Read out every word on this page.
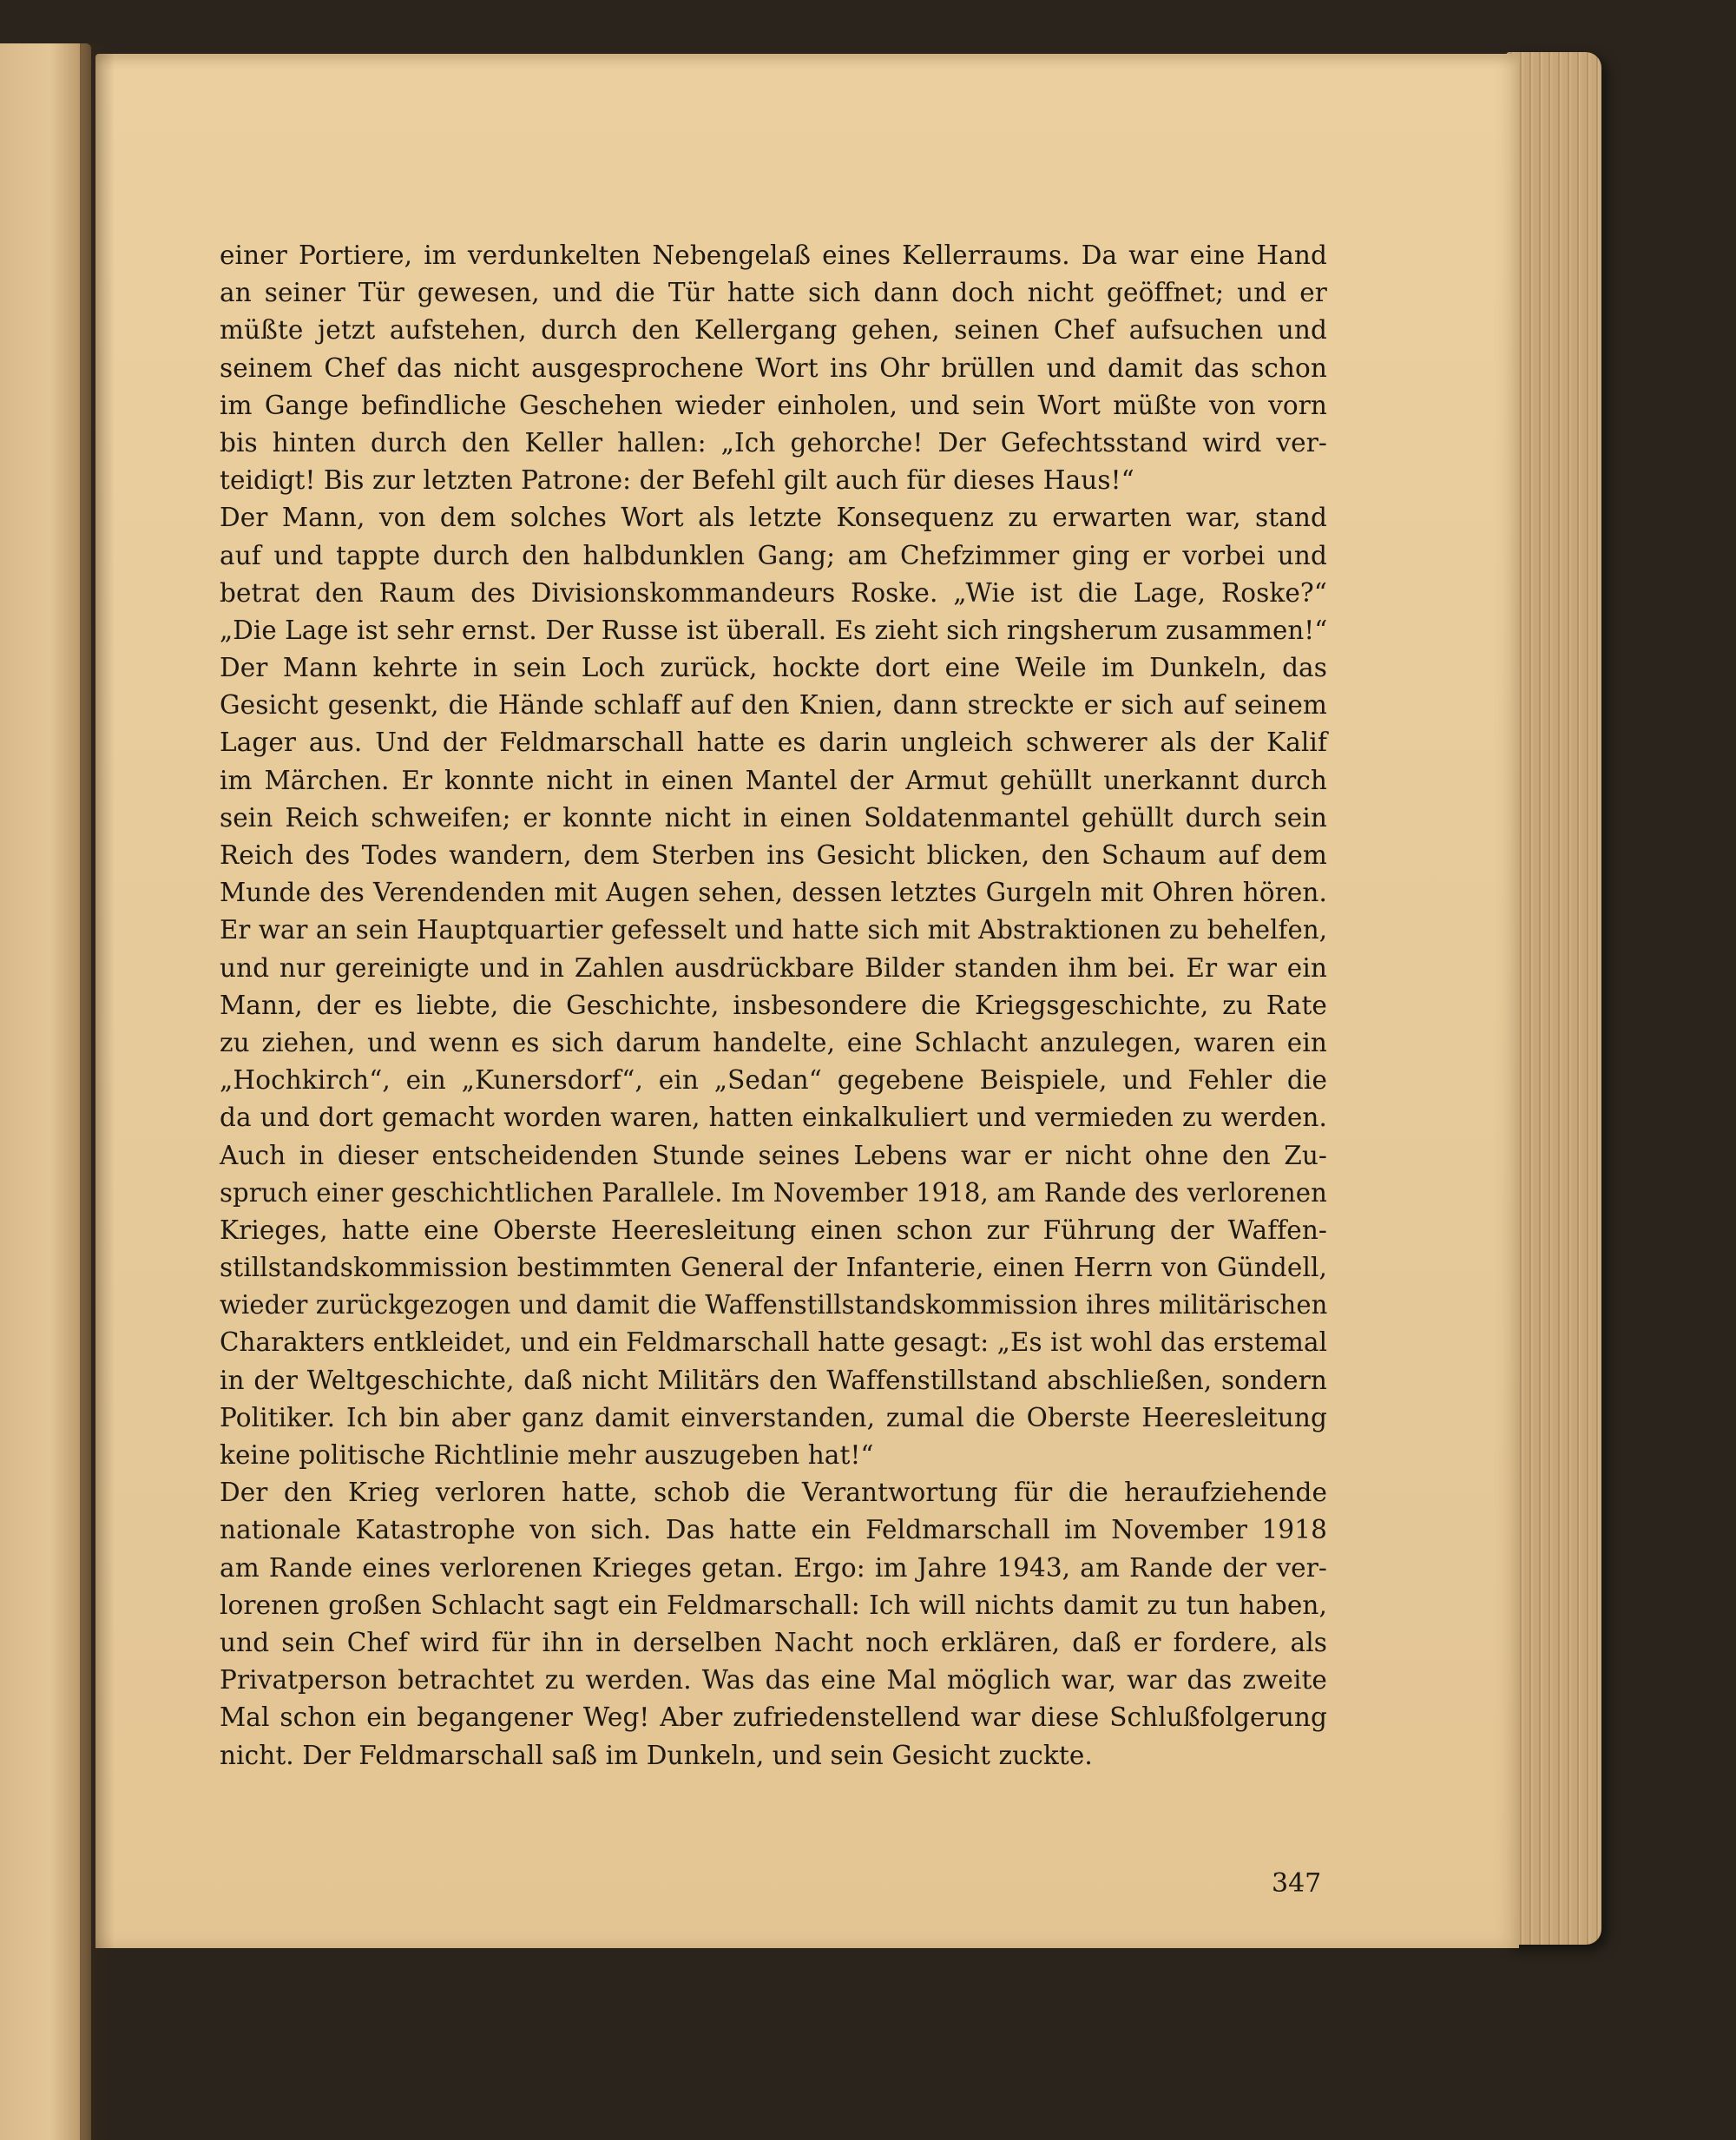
einer Portiere, im verdunkelten Nebengelaß eines Kellerraums. Da war eine Hand
an seiner Tür gewesen, und die Tür hatte sich dann doch nicht geöffnet; und er
müßte jetzt aufstehen, durch den Kellergang gehen, seinen Chef aufsuchen und
seinem Chef das nicht ausgesprochene Wort ins Ohr brüllen und damit das schon
im Gange befindliche Geschehen wieder einholen, und sein Wort müßte von vorn
bis hinten durch den Keller hallen: „Ich gehorche! Der Gefechtsstand wird ver-
teidigt! Bis zur letzten Patrone: der Befehl gilt auch für dieses Haus!“
Der Mann, von dem solches Wort als letzte Konsequenz zu erwarten war, stand
auf und tappte durch den halbdunklen Gang; am Chefzimmer ging er vorbei und
betrat den Raum des Divisionskommandeurs Roske. „Wie ist die Lage, Roske?“
„Die Lage ist sehr ernst. Der Russe ist überall. Es zieht sich ringsherum zusammen!“
Der Mann kehrte in sein Loch zurück, hockte dort eine Weile im Dunkeln, das
Gesicht gesenkt, die Hände schlaff auf den Knien, dann streckte er sich auf seinem
Lager aus. Und der Feldmarschall hatte es darin ungleich schwerer als der Kalif
im Märchen. Er konnte nicht in einen Mantel der Armut gehüllt unerkannt durch
sein Reich schweifen; er konnte nicht in einen Soldatenmantel gehüllt durch sein
Reich des Todes wandern, dem Sterben ins Gesicht blicken, den Schaum auf dem
Munde des Verendenden mit Augen sehen, dessen letztes Gurgeln mit Ohren hören.
Er war an sein Hauptquartier gefesselt und hatte sich mit Abstraktionen zu behelfen,
und nur gereinigte und in Zahlen ausdrückbare Bilder standen ihm bei. Er war ein
Mann, der es liebte, die Geschichte, insbesondere die Kriegsgeschichte, zu Rate
zu ziehen, und wenn es sich darum handelte, eine Schlacht anzulegen, waren ein
„Hochkirch“, ein „Kunersdorf“, ein „Sedan“ gegebene Beispiele, und Fehler die
da und dort gemacht worden waren, hatten einkalkuliert und vermieden zu werden.
Auch in dieser entscheidenden Stunde seines Lebens war er nicht ohne den Zu-
spruch einer geschichtlichen Parallele. Im November 1918, am Rande des verlorenen
Krieges, hatte eine Oberste Heeresleitung einen schon zur Führung der Waffen-
stillstandskommission bestimmten General der Infanterie, einen Herrn von Gündell,
wieder zurückgezogen und damit die Waffenstillstandskommission ihres militärischen
Charakters entkleidet, und ein Feldmarschall hatte gesagt: „Es ist wohl das erstemal
in der Weltgeschichte, daß nicht Militärs den Waffenstillstand abschließen, sondern
Politiker. Ich bin aber ganz damit einverstanden, zumal die Oberste Heeresleitung
keine politische Richtlinie mehr auszugeben hat!“
Der den Krieg verloren hatte, schob die Verantwortung für die heraufziehende
nationale Katastrophe von sich. Das hatte ein Feldmarschall im November 1918
am Rande eines verlorenen Krieges getan. Ergo: im Jahre 1943, am Rande der ver-
lorenen großen Schlacht sagt ein Feldmarschall: Ich will nichts damit zu tun haben,
und sein Chef wird für ihn in derselben Nacht noch erklären, daß er fordere, als
Privatperson betrachtet zu werden. Was das eine Mal möglich war, war das zweite
Mal schon ein begangener Weg! Aber zufriedenstellend war diese Schlußfolgerung
nicht. Der Feldmarschall saß im Dunkeln, und sein Gesicht zuckte.
347
